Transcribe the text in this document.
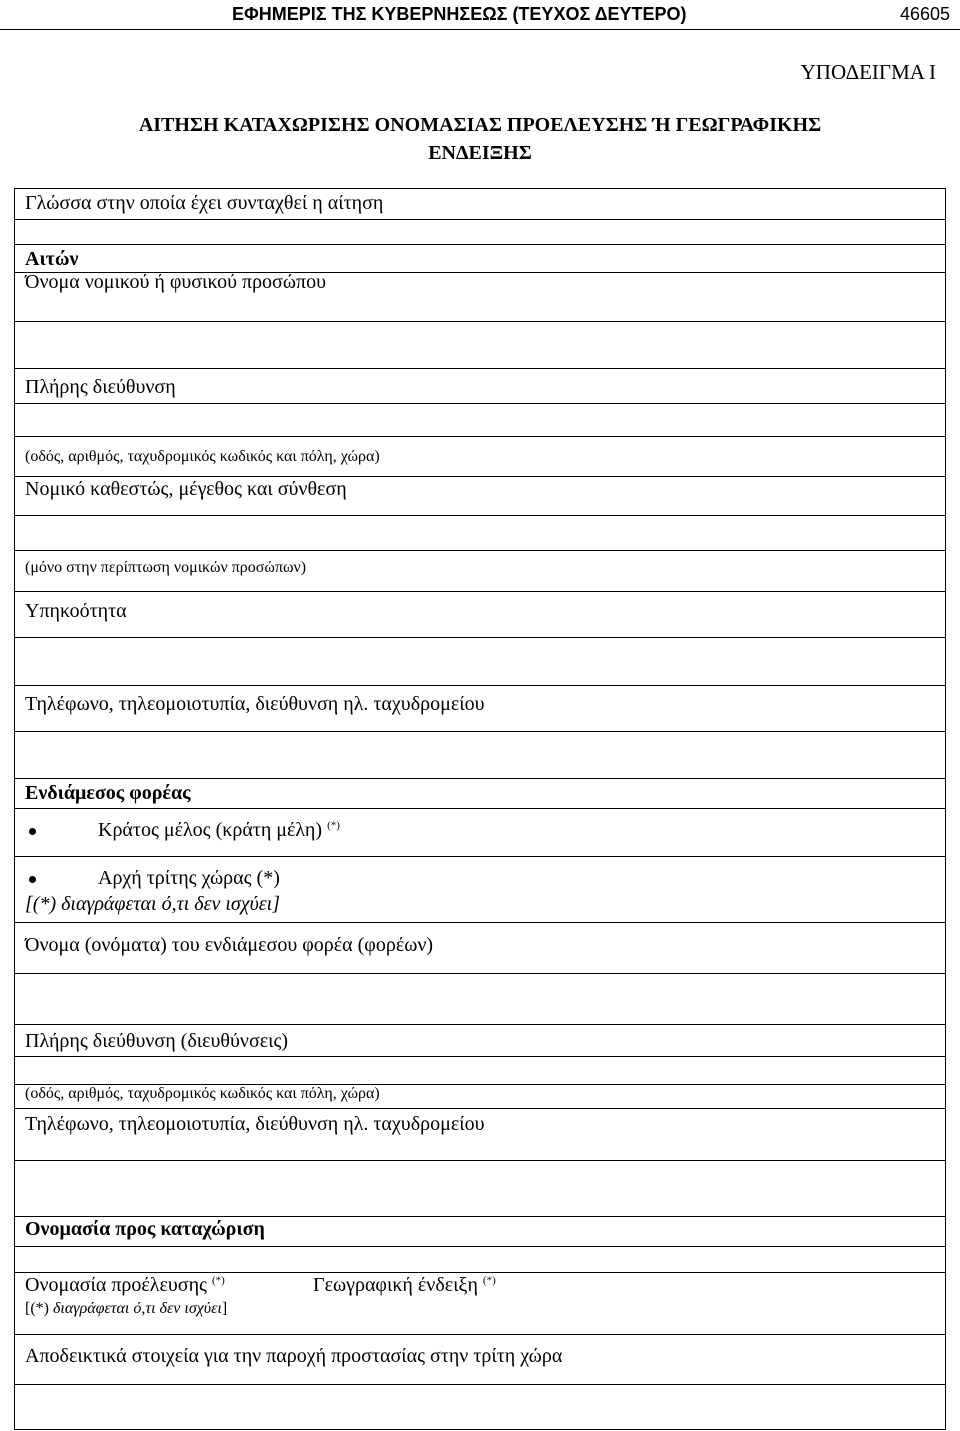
ΕΦΗΜΕΡΙΣ ΤΗΣ ΚΥΒΕΡΝΗΣΕΩΣ (ΤΕΥΧΟΣ ΔΕΥΤΕΡΟ)	46605
ΥΠΟΔΕΙΓΜΑ Ι
ΑΙΤΗΣΗ ΚΑΤΑΧΩΡΙΣΗΣ ΟΝΟΜΑΣΙΑΣ ΠΡΟΕΛΕΥΣΗΣ Ή ΓΕΩΓΡΑΦΙΚΗΣ
ΕΝΔΕΙΞΗΣ
Γλώσσα στην οποία έχει συνταχθεί η αίτηση
Αιτών
Όνομα νομικού ή φυσικού προσώπου
Πλήρης διεύθυνση
(οδός, αριθμός, ταχυδρομικός κωδικός και πόλη, χώρα)
Νομικό καθεστώς, μέγεθος και σύνθεση
(μόνο στην περίπτωση νομικών προσώπων)
Υπηκοότητα
Τηλέφωνο, τηλεομοιοτυπία, διεύθυνση ηλ. ταχυδρομείου
Ενδιάμεσος φορέας
Κράτος μέλος (κράτη μέλη) (*)
Αρχή τρίτης χώρας (*)
[(*) διαγράφεται ό,τι δεν ισχύει]
Όνομα (ονόματα) του ενδιάμεσου φορέα (φορέων)
Πλήρης διεύθυνση (διευθύνσεις)
(οδός, αριθμός, ταχυδρομικός κωδικός και πόλη, χώρα)
Τηλέφωνο, τηλεομοιοτυπία, διεύθυνση ηλ. ταχυδρομείου
Ονομασία προς καταχώριση
Ονομασία προέλευσης (*)	Γεωγραφική ένδειξη (*)
[(*) διαγράφεται ό,τι δεν ισχύει]
Αποδεικτικά στοιχεία για την παροχή προστασίας στην τρίτη χώρα
